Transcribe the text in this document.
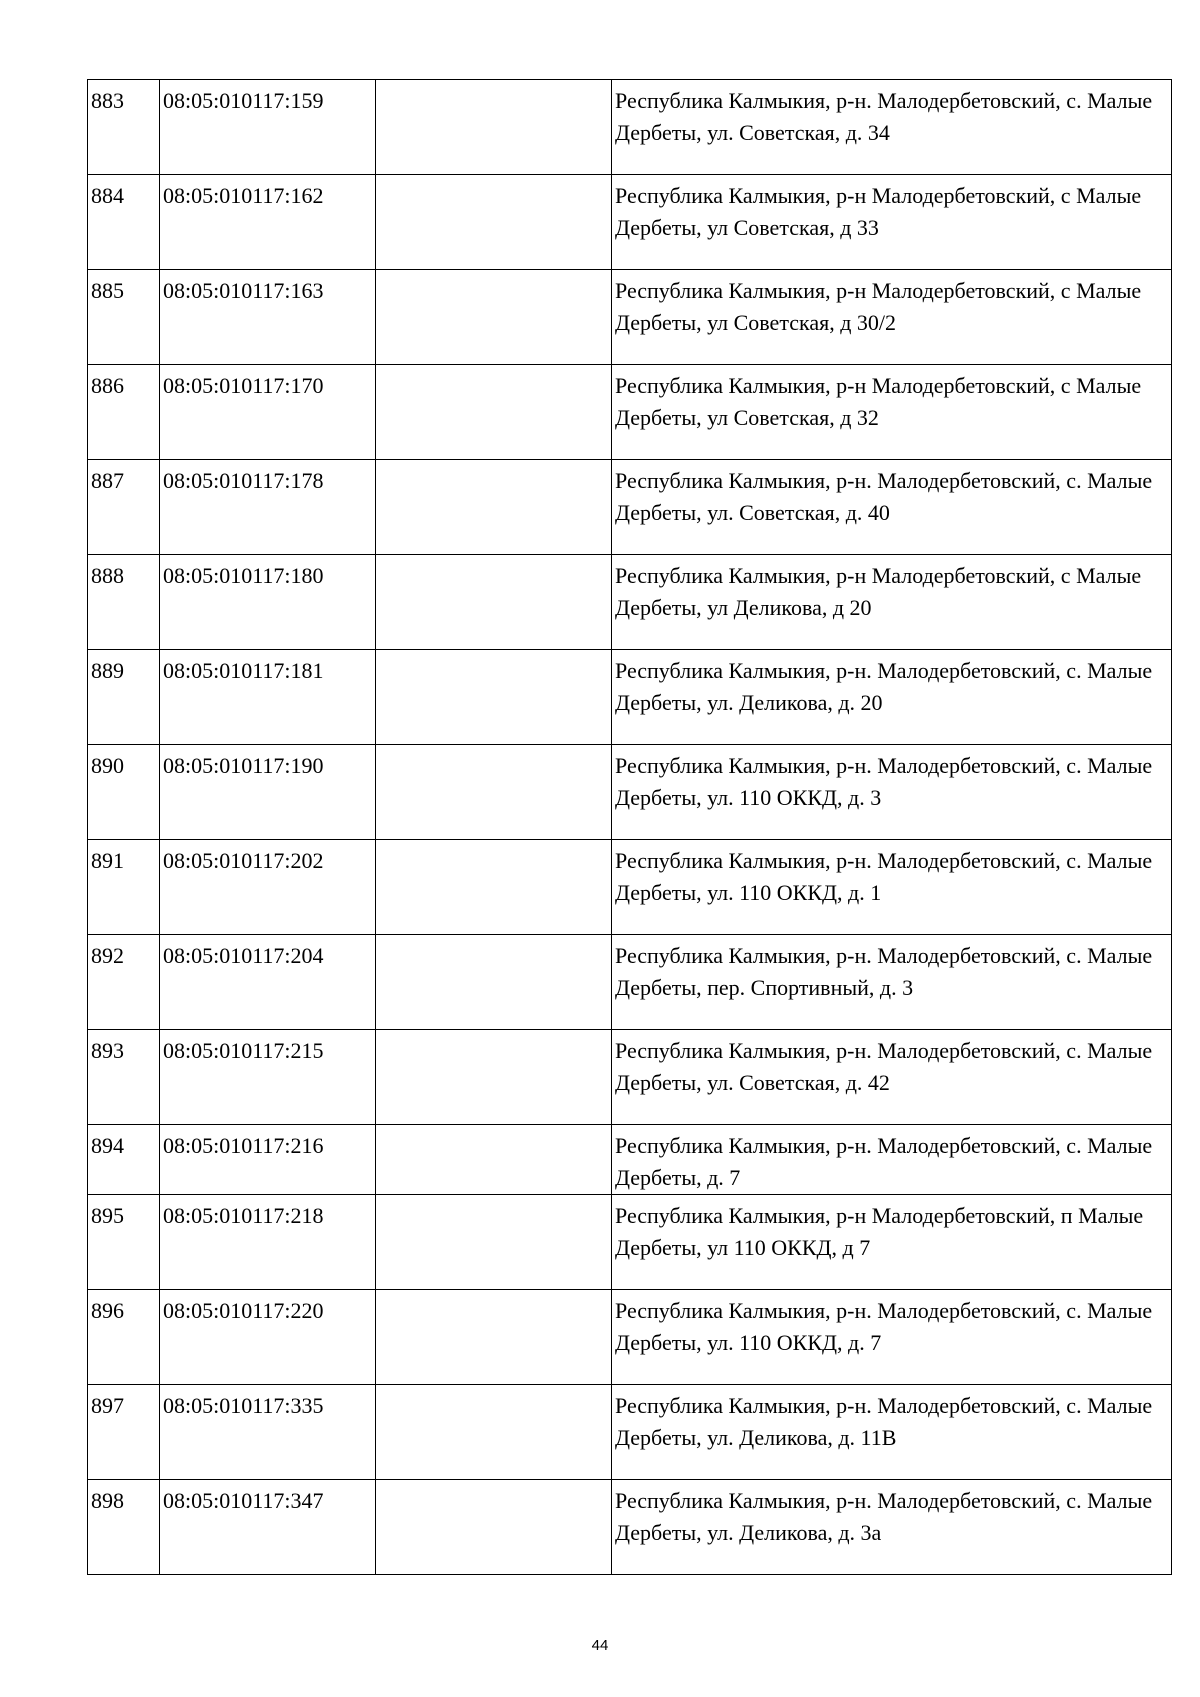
883	08:05:010117:159		Республика Калмыкия, р-н. Малодербетовский, с. Малые Дербеты, ул. Советская, д. 34
884	08:05:010117:162		Республика Калмыкия, р-н Малодербетовский, с Малые Дербеты, ул Советская, д 33
885	08:05:010117:163		Республика Калмыкия, р-н Малодербетовский, с Малые Дербеты, ул Советская, д 30/2
886	08:05:010117:170		Республика Калмыкия, р-н Малодербетовский, с Малые Дербеты, ул Советская, д 32
887	08:05:010117:178		Республика Калмыкия, р-н. Малодербетовский, с. Малые Дербеты, ул. Советская, д. 40
888	08:05:010117:180		Республика Калмыкия, р-н Малодербетовский, с Малые Дербеты, ул Деликова, д 20
889	08:05:010117:181		Республика Калмыкия, р-н. Малодербетовский, с. Малые Дербеты, ул. Деликова, д. 20
890	08:05:010117:190		Республика Калмыкия, р-н. Малодербетовский, с. Малые Дербеты, ул. 110 ОККД, д. 3
891	08:05:010117:202		Республика Калмыкия, р-н. Малодербетовский, с. Малые Дербеты, ул. 110 ОККД, д. 1
892	08:05:010117:204		Республика Калмыкия, р-н. Малодербетовский, с. Малые Дербеты, пер. Спортивный, д. 3
893	08:05:010117:215		Республика Калмыкия, р-н. Малодербетовский, с. Малые Дербеты, ул. Советская, д. 42
894	08:05:010117:216		Республика Калмыкия, р-н. Малодербетовский, с. Малые Дербеты, д. 7
895	08:05:010117:218		Республика Калмыкия, р-н Малодербетовский, п Малые Дербеты, ул 110 ОККД, д 7
896	08:05:010117:220		Республика Калмыкия, р-н. Малодербетовский, с. Малые Дербеты, ул. 110 ОККД, д. 7
897	08:05:010117:335		Республика Калмыкия, р-н. Малодербетовский, с. Малые Дербеты, ул. Деликова, д. 11В
898	08:05:010117:347		Республика Калмыкия, р-н. Малодербетовский, с. Малые Дербеты, ул. Деликова, д. 3а
44
